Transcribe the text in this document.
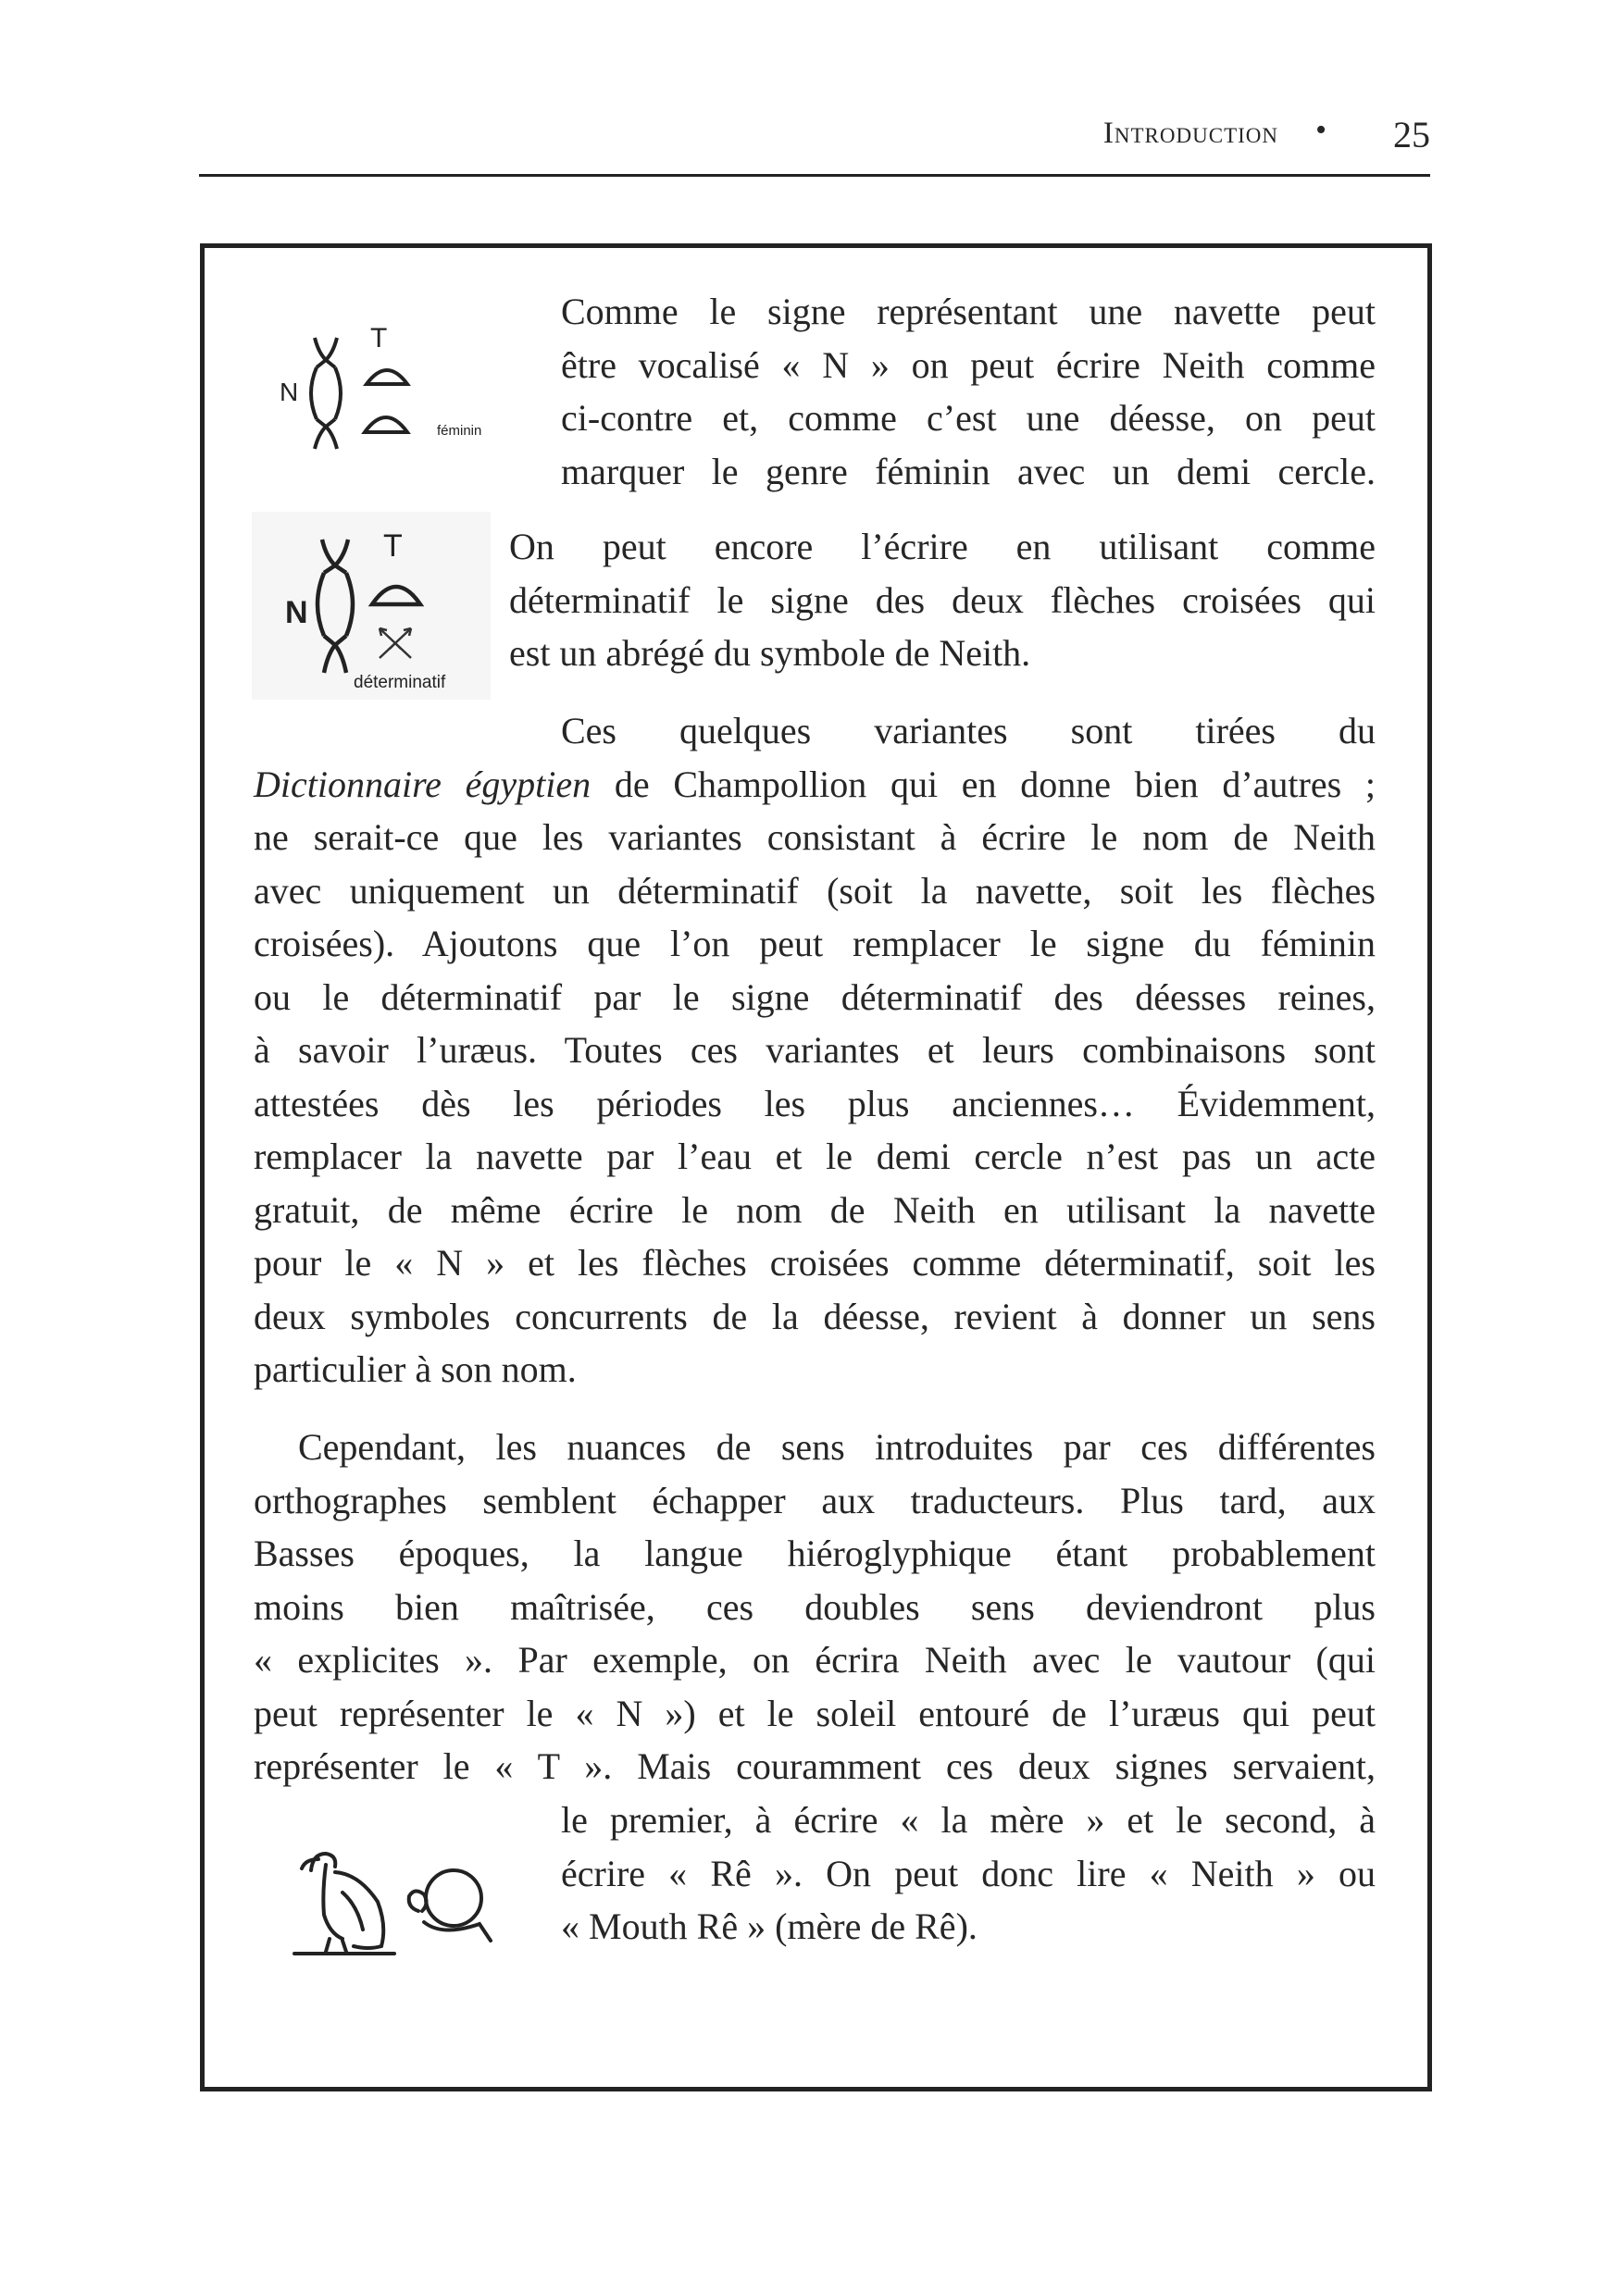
Introduction • 25
N
T
féminin
N
T
déterminatif
Comme le signe représentant une navette peut
être vocalisé « N » on peut écrire Neith comme
ci-contre et, comme c’est une déesse, on peut
marquer le genre féminin avec un demi cercle.
On peut encore l’écrire en utilisant comme
déterminatif le signe des deux flèches croisées qui
est un abrégé du symbole de Neith.
Ces quelques variantes sont tirées du
Dictionnaire égyptien de Champollion qui en donne bien d’autres ;
ne serait-ce que les variantes consistant à écrire le nom de Neith
avec uniquement un déterminatif (soit la navette, soit les flèches
croisées). Ajoutons que l’on peut remplacer le signe du féminin
ou le déterminatif par le signe déterminatif des déesses reines,
à savoir l’uræus. Toutes ces variantes et leurs combinaisons sont
attestées dès les périodes les plus anciennes… Évidemment,
remplacer la navette par l’eau et le demi cercle n’est pas un acte
gratuit, de même écrire le nom de Neith en utilisant la navette
pour le « N » et les flèches croisées comme déterminatif, soit les
deux symboles concurrents de la déesse, revient à donner un sens
particulier à son nom.
Cependant, les nuances de sens introduites par ces différentes
orthographes semblent échapper aux traducteurs. Plus tard, aux
Basses époques, la langue hiéroglyphique étant probablement
moins bien maîtrisée, ces doubles sens deviendront plus
« explicites ». Par exemple, on écrira Neith avec le vautour (qui
peut représenter le « N ») et le soleil entouré de l’uræus qui peut
représenter le « T ». Mais couramment ces deux signes servaient,
le premier, à écrire « la mère » et le second, à
écrire « Rê ». On peut donc lire « Neith » ou
« Mouth Rê » (mère de Rê).
